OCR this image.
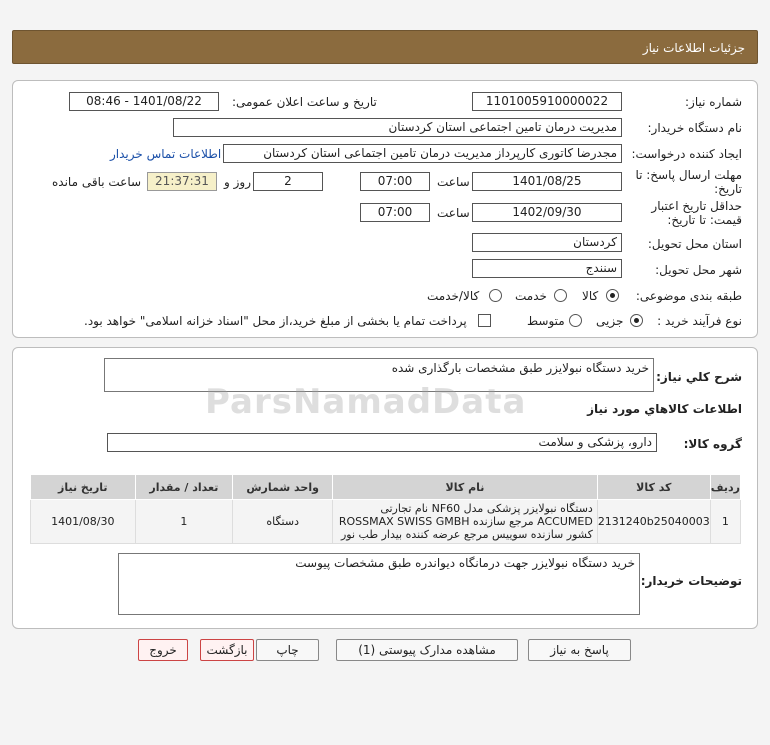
جزئیات اطلاعات نیاز
شماره نیاز:
1101005910000022
تاریخ و ساعت اعلان عمومی:
1401/08/22 - 08:46
نام دستگاه خریدار:
مدیریت درمان تامین اجتماعی استان کردستان
ایجاد کننده درخواست:
مجدرضا کاتوری کارپرداز مدیریت درمان تامین اجتماعی استان کردستان
اطلاعات تماس خریدار
مهلت ارسال پاسخ: تا تاریخ:
1401/08/25
ساعت
07:00
2
روز و
21:37:31
ساعت باقی مانده
حداقل تاریخ اعتبار قیمت: تا تاریخ:
1402/09/30
ساعت
07:00
استان محل تحویل:
کردستان
شهر محل تحویل:
سنندج
طبقه بندی موضوعی:
کالا
خدمت
کالا/خدمت
نوع فرآیند خرید :
جزیی
متوسط
پرداخت تمام یا بخشی از مبلغ خرید،از محل "اسناد خزانه اسلامی" خواهد بود.
شرح کلي نياز:
خرید دستگاه نبولایزر طبق مشخصات بارگذاری شده
اطلاعات کالاهاي مورد نياز
گروه کالا:
دارو، پزشکی و سلامت
ردیف	کد کالا	نام کالا	واحد شمارش	تعداد / مقدار	تاریخ نیاز
1	2131240b25040003	دستگاه نبولایزر پزشکی مدل NF60 نام تجارتی ACCUMED مرجع سازنده ROSSMAX SWISS GMBH کشور سازنده سوییس مرجع عرضه کننده بیدار طب نور	دستگاه	1	1401/08/30
توضیحات خریدار:
خرید دستگاه نبولایزر جهت درمانگاه دیواندره طبق مشخصات پیوست
ParsNamadData
پاسخ به نیاز
مشاهده مدارک پیوستی (1)
چاپ
بازگشت
خروج
